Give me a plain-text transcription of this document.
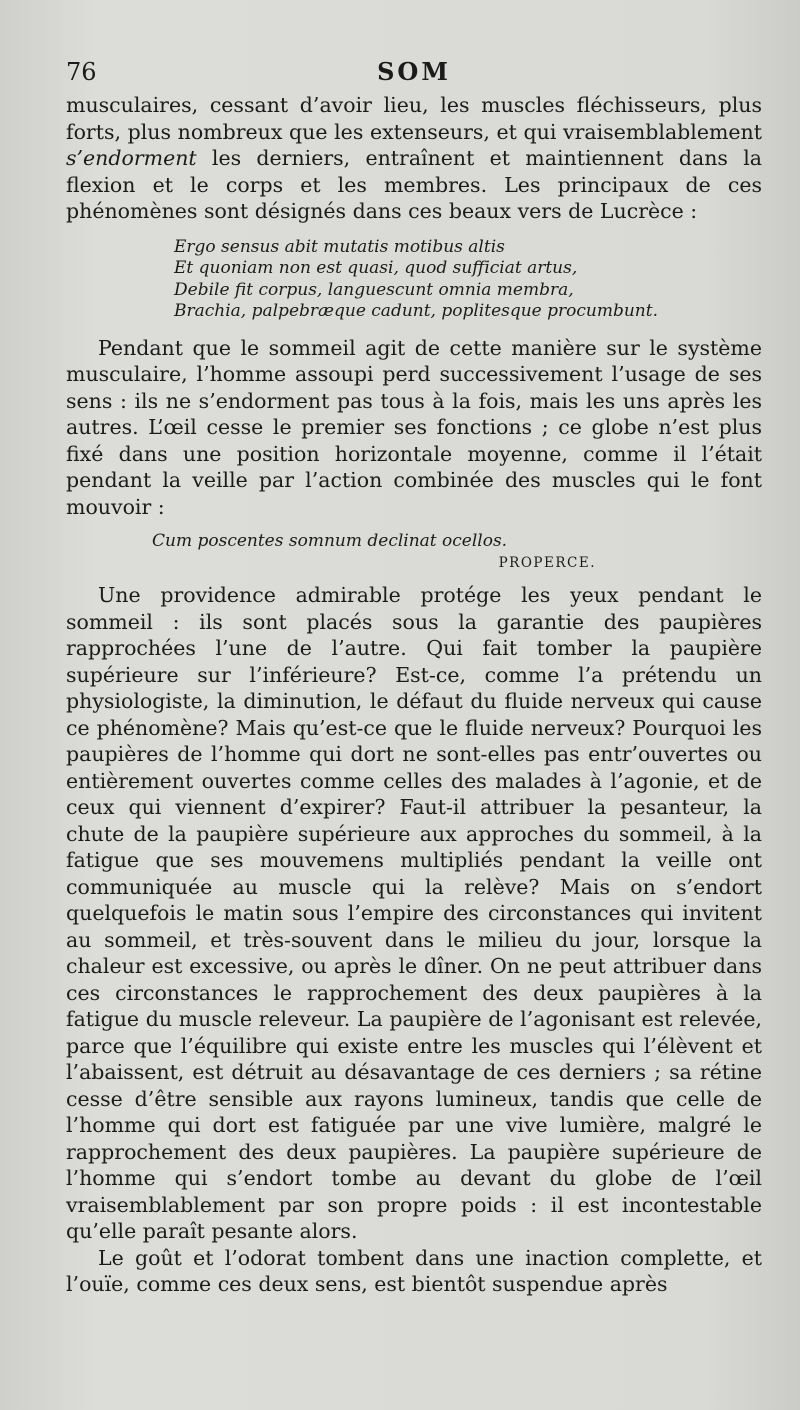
76	SOM

musculaires, cessant d’avoir lieu, les muscles fléchisseurs, plus forts, plus nombreux que les extenseurs, et qui vraisemblablement s’endorment les derniers, entraînent et maintiennent dans la flexion et le corps et les membres. Les principaux de ces phénomènes sont désignés dans ces beaux vers de Lucrèce :

Ergo sensus abit mutatis motibus altis
Et quoniam non est quasi, quod sufficiat artus,
Debile fit corpus, languescunt omnia membra,
Brachia, palpebræque cadunt, poplitesque procumbunt.

Pendant que le sommeil agit de cette manière sur le système musculaire, l’homme assoupi perd successivement l’usage de ses sens : ils ne s’endorment pas tous à la fois, mais les uns après les autres. L’œil cesse le premier ses fonctions ; ce globe n’est plus fixé dans une position horizontale moyenne, comme il l’était pendant la veille par l’action combinée des muscles qui le font mouvoir :

Cum poscentes somnum declinat ocellos.
PROPERCE.

Une providence admirable protége les yeux pendant le sommeil : ils sont placés sous la garantie des paupières rapprochées l’une de l’autre. Qui fait tomber la paupière supérieure sur l’inférieure? Est-ce, comme l’a prétendu un physiologiste, la diminution, le défaut du fluide nerveux qui cause ce phénomène? Mais qu’est-ce que le fluide nerveux? Pourquoi les paupières de l’homme qui dort ne sont-elles pas entr’ouvertes ou entièrement ouvertes comme celles des malades à l’agonie, et de ceux qui viennent d’expirer? Faut-il attribuer la pesanteur, la chute de la paupière supérieure aux approches du sommeil, à la fatigue que ses mouvemens multipliés pendant la veille ont communiquée au muscle qui la relève? Mais on s’endort quelquefois le matin sous l’empire des circonstances qui invitent au sommeil, et très-souvent dans le milieu du jour, lorsque la chaleur est excessive, ou après le dîner. On ne peut attribuer dans ces circonstances le rapprochement des deux paupières à la fatigue du muscle releveur. La paupière de l’agonisant est relevée, parce que l’équilibre qui existe entre les muscles qui l’élèvent et l’abaissent, est détruit au désavantage de ces derniers ; sa rétine cesse d’être sensible aux rayons lumineux, tandis que celle de l’homme qui dort est fatiguée par une vive lumière, malgré le rapprochement des deux paupières. La paupière supérieure de l’homme qui s’endort tombe au devant du globe de l’œil vraisemblablement par son propre poids : il est incontestable qu’elle paraît pesante alors.

Le goût et l’odorat tombent dans une inaction complette, et l’ouïe, comme ces deux sens, est bientôt suspendue après
